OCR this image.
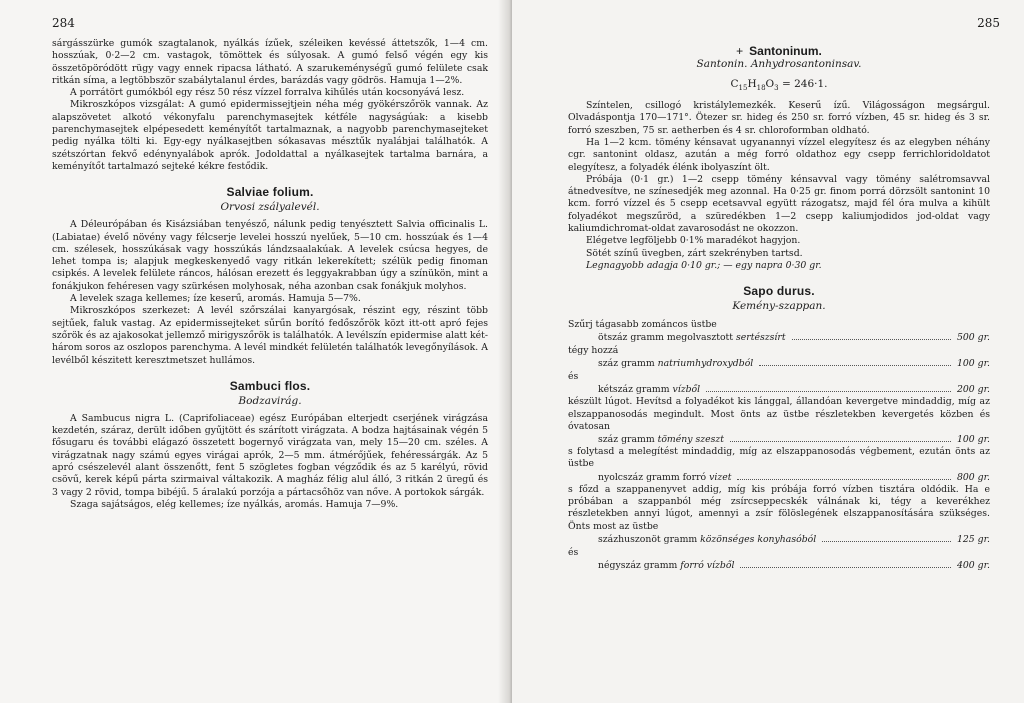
284

sárgásszürke gumók szagtalanok, nyálkás ízűek, széleiken kevéssé áttetszők, 1—4 cm. hosszúak, 0·2—2 cm. vastagok, tömöttek és súlyosak. A gumó felső végén egy kis összetöpöródött rügy vagy ennek ripacsa látható. A szarukeménységű gumó felülete csak ritkán síma, a legtöbbször szabálytalanul érdes, barázdás vagy gödrös. Hamuja 1—2%.

A porrátört gumókból egy rész 50 rész vízzel forralva kihűlés után kocsonyává lesz.

Mikroszkópos vizsgálat: A gumó epidermissejtjein néha még gyökérszőrök vannak. Az alapszövetet alkotó vékonyfalu parenchymasejtek kétféle nagyságúak: a kisebb parenchymasejtek elpépesedett keményítőt tartalmaznak, a nagyobb parenchymasejteket pedig nyálka tölti ki. Egy-egy nyálkasejtben sókasavas mésztűk nyalábjai találhatók. A szétszórtan fekvő edénynyalábok aprók. Jodoldattal a nyálkasejtek tartalma barnára, a keményítőt tartalmazó sejteké kékre festődik.

Salviae folium.
Orvosi zsályalevél.

A Déleurópában és Kisázsiában tenyésző, nálunk pedig tenyésztett Salvia officinalis L. (Labiatae) évelő növény vagy félcserje levelei hosszú nyelűek, 5—10 cm. hosszúak és 1—4 cm. szélesek, hosszúkásak vagy hosszúkás lándzsaalakúak. A levelek csúcsa hegyes, de lehet tompa is; alapjuk megkeskenyedő vagy ritkán lekerekített; szélük pedig finoman csipkés. A levelek felülete ráncos, hálósan erezett és leggyakrabban úgy a színükön, mint a fonákjukon fehéresen vagy szürkésen molyhosak, néha azonban csak fonákjuk molyhos.

A levelek szaga kellemes; íze keserű, aromás. Hamuja 5—7%.

Mikroszkópos szerkezet: A levél szőrszálai kanyargósak, részint egy, részint több sejtűek, faluk vastag. Az epidermissejteket sűrűn borító fedőszőrök közt itt-ott apró fejes szőrök és az ajakosokat jellemző mirigyszőrök is találhatók. A levélszín epidermise alatt két-három soros az oszlopos parenchyma. A levél mindkét felületén találhatók levegőnyílások. A levélből készitett keresztmetszet hullámos.

Sambuci flos.
Bodzavirág.

A Sambucus nigra L. (Caprifoliaceae) egész Európában elterjedt cserjének virágzása kezdetén, száraz, derült időben gyűjtött és szárított virágzata. A bodza hajtásainak végén 5 fősugaru és további elágazó összetett bogernyő virágzata van, mely 15—20 cm. széles. A virágzatnak nagy számú egyes virágai aprók, 2—5 mm. átmérőjűek, fehéressárgák. Az 5 apró csészelevél alant összenőtt, fent 5 szögletes fogban végződik és az 5 karélyú, rövid csövű, kerek képű párta szirmaival váltakozik. A magház félig alul álló, 3 ritkán 2 üregű és 3 vagy 2 rövid, tompa bibéjű. 5 áralakú porzója a pártacsőhöz van nőve. A portokok sárgák.

Szaga sajátságos, elég kellemes; íze nyálkás, aromás. Hamuja 7—9%.

285
+ Santoninum.
Santonin. Anhydrosantoninsav.
$C_{15}H_{18}O_3 = 246\cdot 1$.

Színtelen, csillogó kristálylemezkék. Keserű ízű. Világosságon megsárgul. Olvadáspontja 170—171°. Ötezer sr. hideg és 250 sr. forró vízben, 45 sr. hideg és 3 sr. forró szeszben, 75 sr. aetherben és 4 sr. chloroformban oldható.

Ha 1—2 kcm. tömény kénsavat ugyanannyi vízzel elegyítesz és az elegyben néhány cgr. santonint oldasz, azután a még forró oldathoz egy csepp ferrichloridoldatot elegyítesz, a folyadék élénk ibolyaszínt ölt.

Próbája (0·1 gr.) 1—2 csepp tömény kénsavval vagy tömény salétromsavval átnedvesítve, ne színesedjék meg azonnal. Ha 0·25 gr. finom porrá dörzsölt santonint 10 kcm. forró vízzel és 5 csepp ecetsavval együtt rázogatsz, majd fél óra mulva a kihült folyadékot megszűröd, a szüredékben 1—2 csepp kaliumjodidos jod-oldat vagy kaliumdichromat-oldat zavarosodást ne okozzon.

Elégetve legföljebb 0·1% maradékot hagyjon.

Sötét színű üvegben, zárt szekrényben tartsd.

Legnagyobb adagja 0·10 gr.; — egy napra 0·30 gr.

Sapo durus.
Kemény-szappan.
Szűrj tágasabb zománcos üstbe
ötszáz gramm megolvasztott sertészsírt	500 gr.
tégy hozzá
száz gramm natriumhydroxydból	100 gr.
és
kétszáz gramm vízből	200 gr.

készült lúgot. Hevítsd a folyadékot kis lánggal, állandóan kevergetve mindaddig, míg az elszappanosodás megindult. Most önts az üstbe részletekben kevergetés közben és óvatosan

száz gramm tömény szeszt	100 gr.

s folytasd a melegítést mindaddig, míg az elszappanosodás végbement, ezután önts az üstbe

nyolcszáz gramm forró vizet	800 gr.

s főzd a szappanenyvet addig, míg kis próbája forró vízben tisztára oldódik. Ha e próbában a szappanból még zsírcseppecskék válnának ki, tégy a keverékhez részletekben annyi lúgot, amennyi a zsír fölöslegének elszappanosítására szükséges. Önts most az üstbe

százhuszonöt gramm közönséges konyhasóból	125 gr.
és
négyszáz gramm forró vízből	400 gr.
